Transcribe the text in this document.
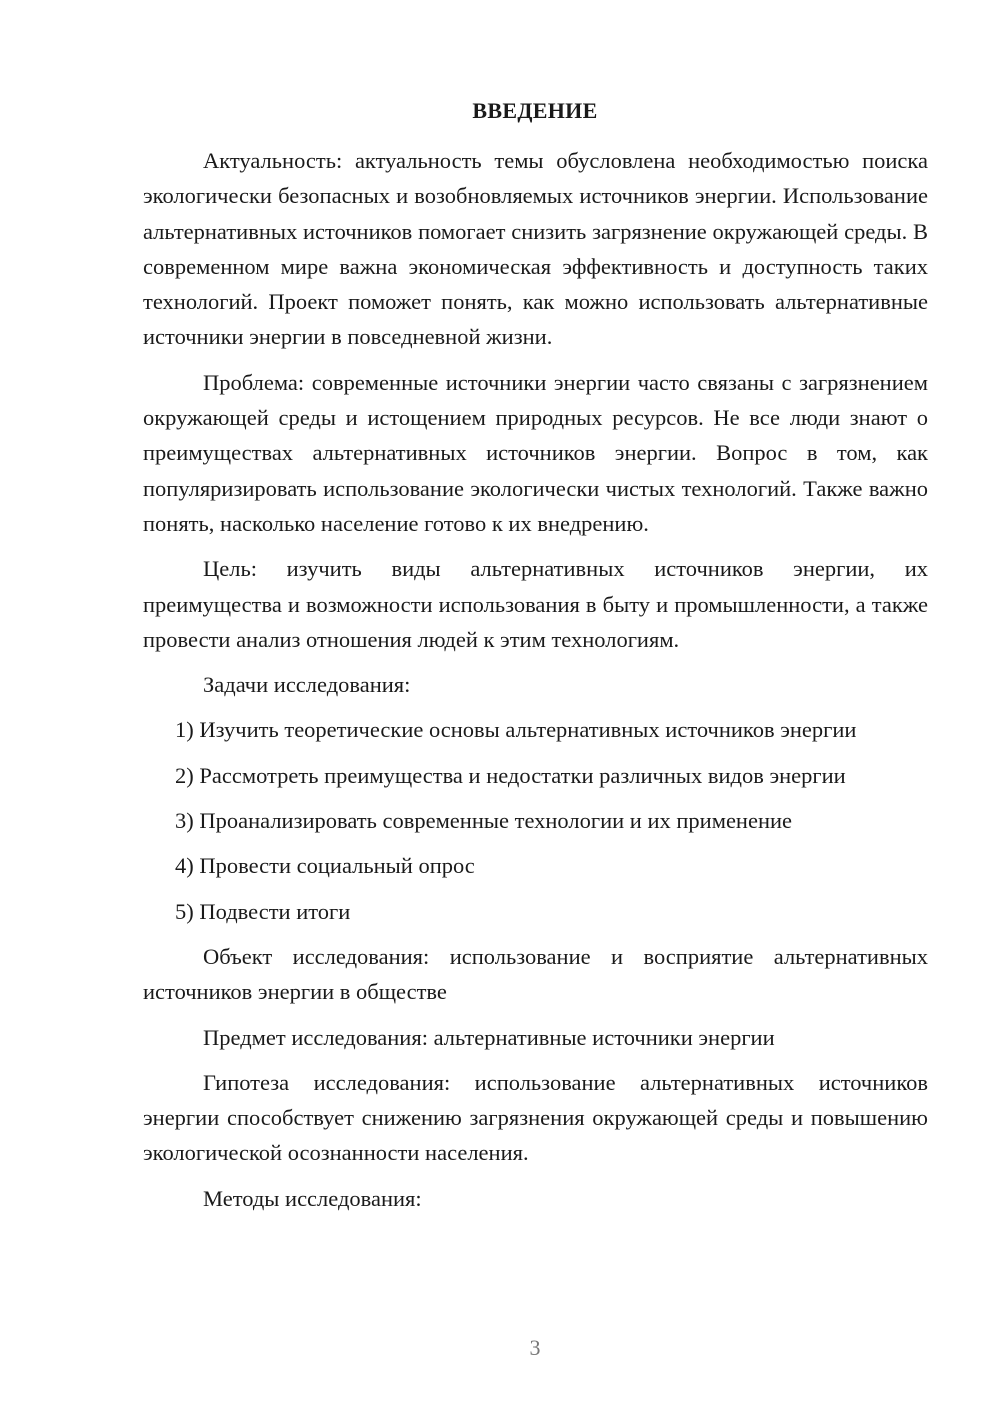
ВВЕДЕНИЕ

Актуальность: актуальность темы обусловлена необходимостью поиска экологически безопасных и возобновляемых источников энергии. Использование альтернативных источников помогает снизить загрязнение окружающей среды. В современном мире важна экономическая эффективность и доступность таких технологий. Проект поможет понять, как можно использовать альтернативные источники энергии в повседневной жизни.

Проблема: современные источники энергии часто связаны с загрязнением окружающей среды и истощением природных ресурсов. Не все люди знают о преимуществах альтернативных источников энергии. Вопрос в том, как популяризировать использование экологически чистых технологий. Также важно понять, насколько население готово к их внедрению.

Цель: изучить виды альтернативных источников энергии, их преимущества и возможности использования в быту и промышленности, а также провести анализ отношения людей к этим технологиям.

Задачи исследования:

1) Изучить теоретические основы альтернативных источников энергии
2) Рассмотреть преимущества и недостатки различных видов энергии
3) Проанализировать современные технологии и их применение
4) Провести социальный опрос
5) Подвести итоги

Объект исследования: использование и восприятие альтернативных источников энергии в обществе

Предмет исследования: альтернативные источники энергии

Гипотеза исследования: использование альтернативных источников энергии способствует снижению загрязнения окружающей среды и повышению экологической осознанности населения.

Методы исследования:

3
